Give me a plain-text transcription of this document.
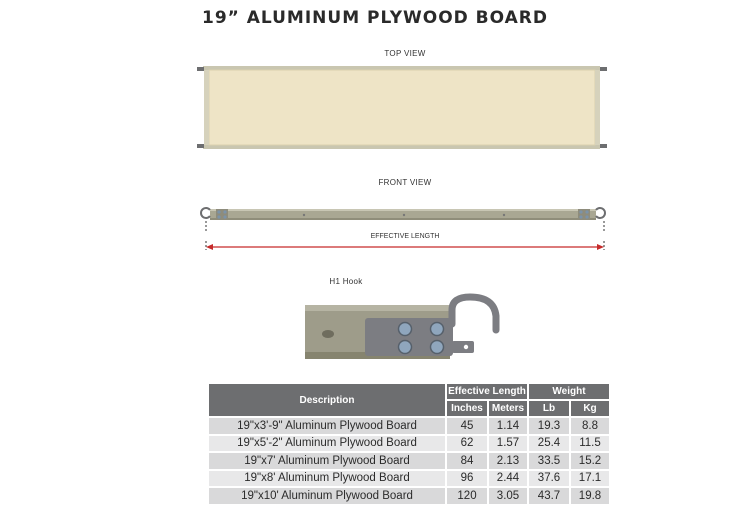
19” ALUMINUM PLYWOOD BOARD
TOP VIEW
FRONT VIEW
EFFECTIVE LENGTH
H1 Hook
Description	Effective Length		Weight	
	Inches	Meters	Lb	Kg
19"x3'-9" Aluminum Plywood Board	45	1.14	19.3	8.8
19"x5'-2" Aluminum Plywood Board	62	1.57	25.4	11.5
19"x7' Aluminum Plywood Board	84	2.13	33.5	15.2
19"x8' Aluminum Plywood Board	96	2.44	37.6	17.1
19"x10' Aluminum Plywood Board	120	3.05	43.7	19.8
